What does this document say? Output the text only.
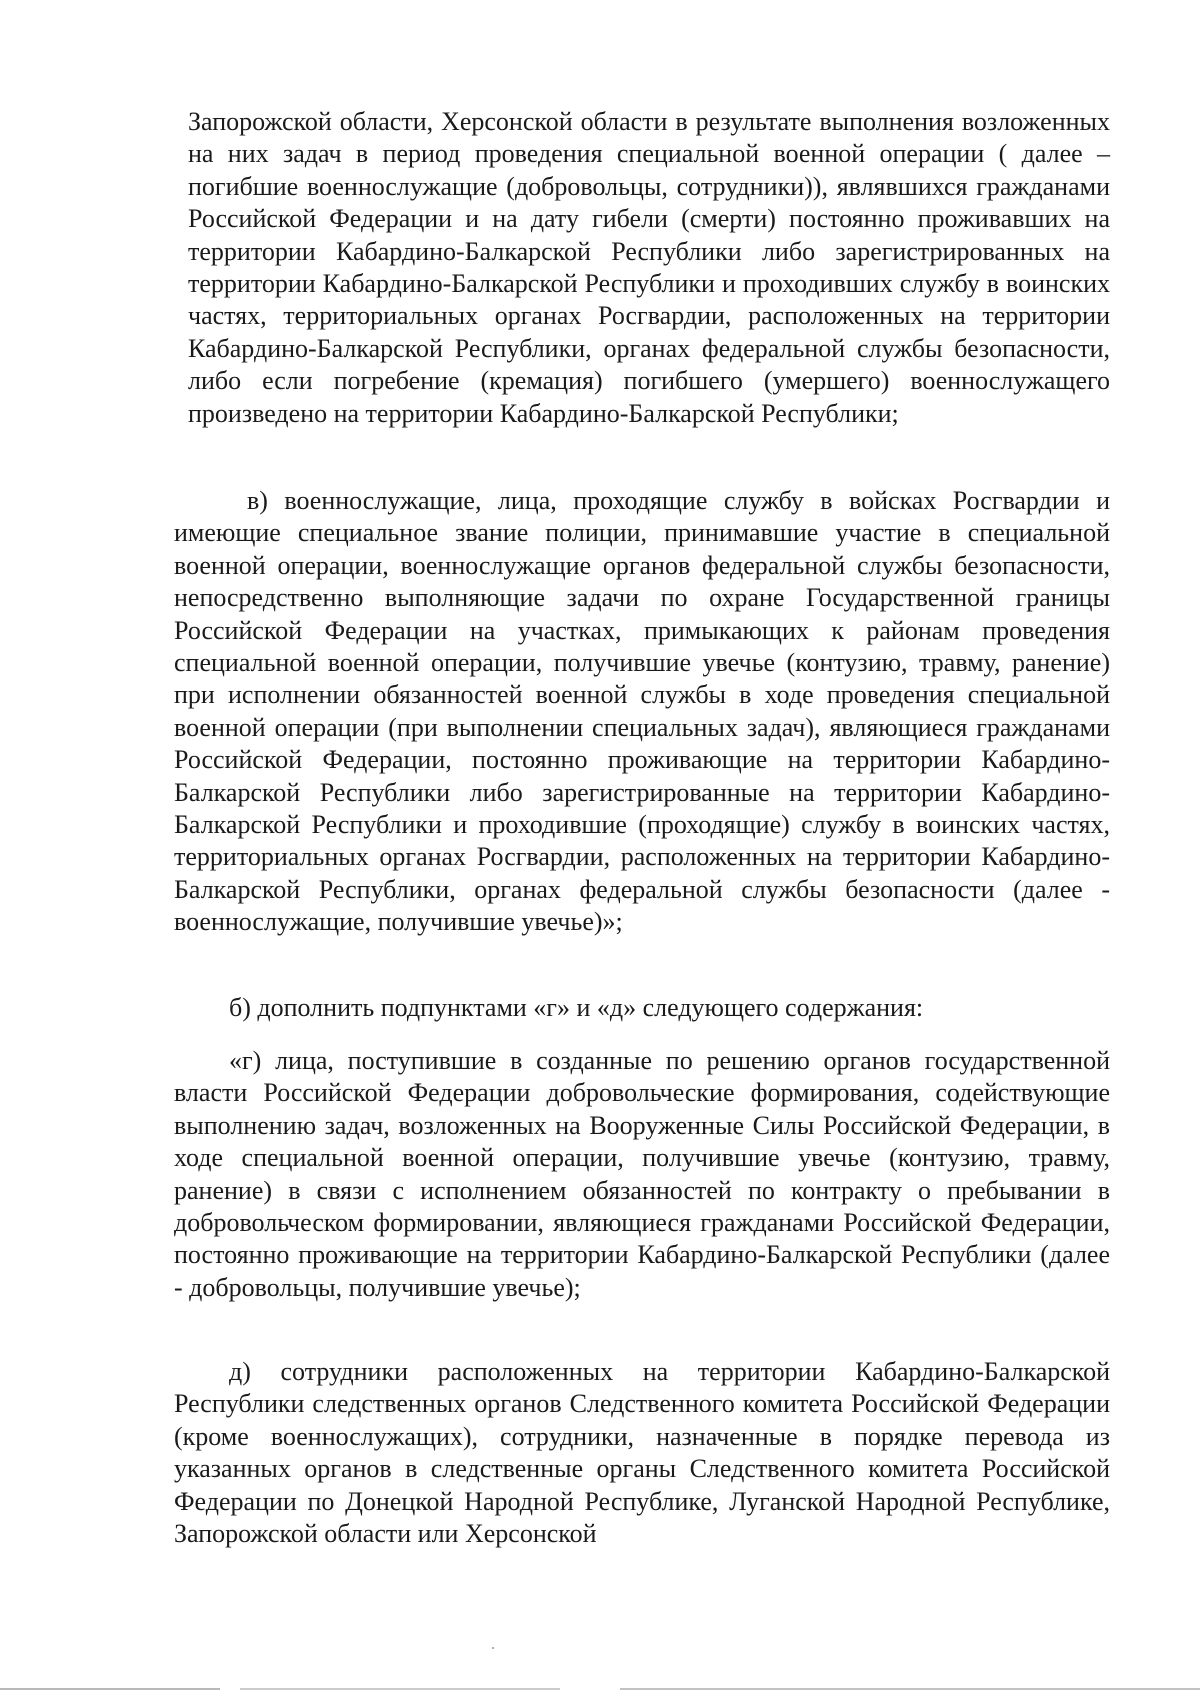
Запорожской области, Херсонской области в результате выполнения возложенных на них задач в период проведения специальной военной операции ( далее – погибшие военнослужащие (добровольцы, сотрудники)), являвшихся гражданами Российской Федерации и на дату гибели (смерти) постоянно проживавших на территории Кабардино-Балкарской Республики либо зарегистрированных на территории Кабардино-Балкарской Республики и проходивших службу в воинских частях, территориальных органах Росгвардии, расположенных на территории Кабардино-Балкарской Республики, органах федеральной службы безопасности, либо если погребение (кремация) погибшего (умершего) военнослужащего произведено на территории Кабардино-Балкарской Республики;

в) военнослужащие, лица, проходящие службу в войсках Росгвардии и имеющие специальное звание полиции, принимавшие участие в специальной военной операции, военнослужащие органов федеральной службы безопасности, непосредственно выполняющие задачи по охране Государственной границы Российской Федерации на участках, примыкающих к районам проведения специальной военной операции, получившие увечье (контузию, травму, ранение) при исполнении обязанностей военной службы в ходе проведения специальной военной операции (при выполнении специальных задач), являющиеся гражданами Российской Федерации, постоянно проживающие на территории Кабардино-Балкарской Республики либо зарегистрированные на территории Кабардино-Балкарской Республики и проходившие (проходящие) службу в воинских частях, территориальных органах Росгвардии, расположенных на территории Кабардино-Балкарской Республики, органах федеральной службы безопасности (далее - военнослужащие, получившие увечье)»;

б) дополнить подпунктами «г» и «д» следующего содержания:

«г) лица, поступившие в созданные по решению органов государственной власти Российской Федерации добровольческие формирования, содействующие выполнению задач, возложенных на Вооруженные Силы Российской Федерации, в ходе специальной военной операции, получившие увечье (контузию, травму, ранение) в связи с исполнением обязанностей по контракту о пребывании в добровольческом формировании, являющиеся гражданами Российской Федерации, постоянно проживающие на территории Кабардино-Балкарской Республики (далее - добровольцы, получившие увечье);

д) сотрудники расположенных на территории Кабардино-Балкарской Республики следственных органов Следственного комитета Российской Федерации (кроме военнослужащих), сотрудники, назначенные в порядке перевода из указанных органов в следственные органы Следственного комитета Российской Федерации по Донецкой Народной Республике, Луганской Народной Республике, Запорожской области или Херсонской
